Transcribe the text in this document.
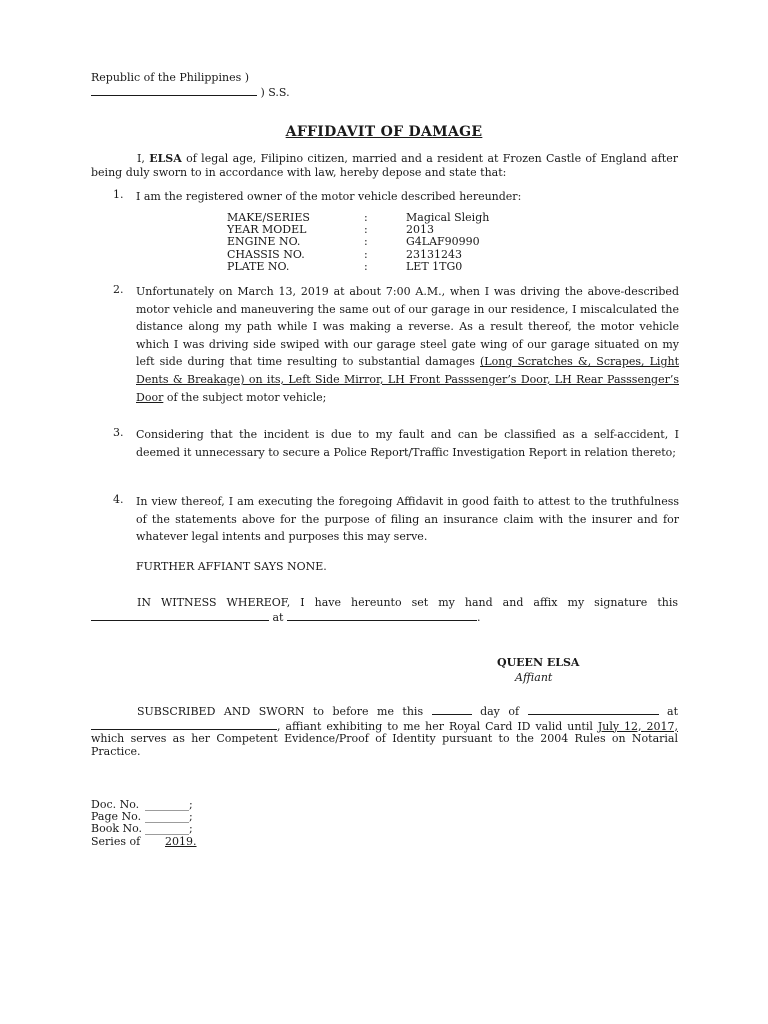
Republic of the Philippines )
) S.S.
AFFIDAVIT OF DAMAGE
I, ELSA of legal age, Filipino citizen, married and a resident at Frozen Castle of England after being duly sworn to in accordance with law, hereby depose and state that:
1. I am the registered owner of the motor vehicle described hereunder:
MAKE/SERIES	:	Magical Sleigh
YEAR MODEL	:	2013
ENGINE NO.	:	G4LAF90990
CHASSIS NO.	:	23131243
PLATE NO.	:	LET 1TG0
2. Unfortunately on March 13, 2019 at about 7:00 A.M., when I was driving the above-described motor vehicle and maneuvering the same out of our garage in our residence, I miscalculated the distance along my path while I was making a reverse. As a result thereof, the motor vehicle which I was driving side swiped with our garage steel gate wing of our garage situated on my left side during that time resulting to substantial damages (Long Scratches &, Scrapes, Light Dents & Breakage) on its, Left Side Mirror, LH Front Passsenger’s Door, LH Rear Passsenger’s Door of the subject motor vehicle;
3. Considering that the incident is due to my fault and can be classified as a self-accident, I deemed it unnecessary to secure a Police Report/Traffic Investigation Report in relation thereto;
4. In view thereof, I am executing the foregoing Affidavit in good faith to attest to the truthfulness of the statements above for the purpose of filing an insurance claim with the insurer and for whatever legal intents and purposes this may serve.
FURTHER AFFIANT SAYS NONE.
IN WITNESS WHEREOF, I have hereunto set my hand and affix my signature this  at	.
QUEEN ELSA
Affiant
SUBSCRIBED AND SWORN to before me this	day of	at , affiant exhibiting to me her Royal Card ID valid until July 12, 2017, which serves as her Competent Evidence/Proof of Identity pursuant to the 2004 Rules on Notarial Practice.
Doc. No.	________;
Page No.	________;
Book No.	________;
Series of	2019.
